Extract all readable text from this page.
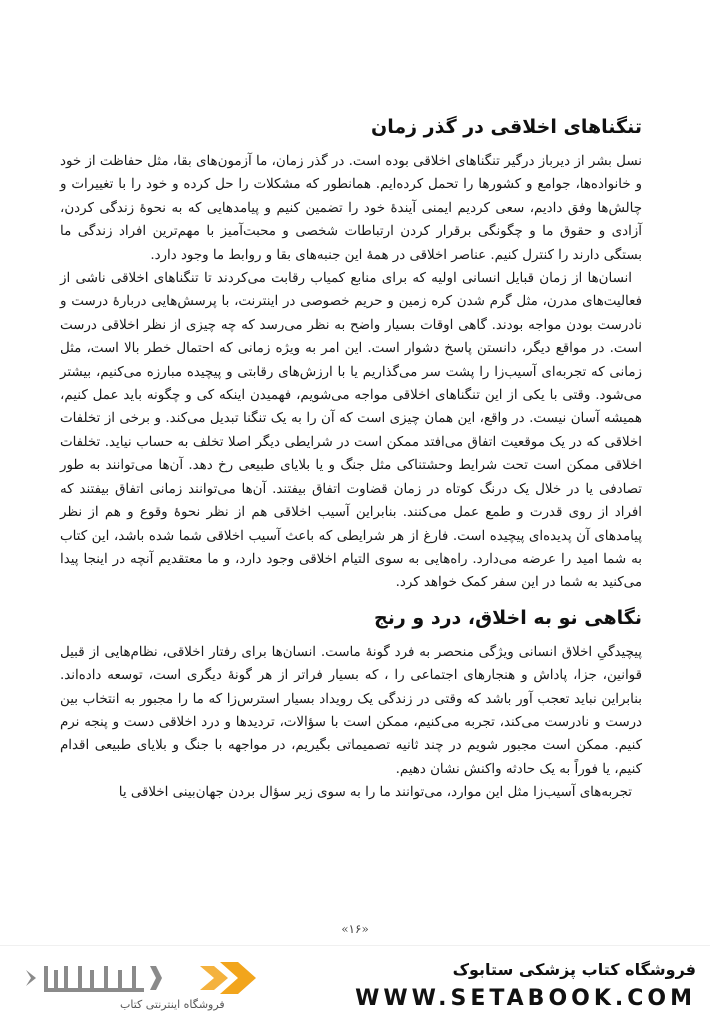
تنگناهای اخلاقی در گذر زمان

نسل بشر از دیرباز درگیر تنگناهای اخلاقی بوده است. در گذر زمان، ما آزمون‌های بقا، مثل حفاظت از خود و خانواده‌ها، جوامع و کشورها را تحمل کرده‌ایم. همانطور که مشکلات را حل کرده و خود را با تغییرات و چالش‌ها وفق دادیم، سعی کردیم ایمنی آیندهٔ خود را تضمین کنیم و پیامدهایی که به نحوهٔ زندگی کردن، آزادی و حقوق ما و چگونگی برقرار کردن ارتباطات شخصی و محبت‌آمیز با مهم‌ترین افراد زندگی ما بستگی دارند را کنترل کنیم. عناصر اخلاقی در همهٔ این جنبه‌های بقا و روابط ما وجود دارد.

انسان‌ها از زمان قبایل انسانی اولیه که برای منابع کمیاب رقابت می‌کردند تا تنگناهای اخلاقی ناشی از فعالیت‌های مدرن، مثل گرم شدن کره زمین و حریم خصوصی در اینترنت، با پرسش‌هایی دربارهٔ درست و نادرست بودن مواجه بودند. گاهی اوقات بسیار واضح به نظر می‌رسد که چه چیزی از نظر اخلاقی درست است. در مواقع دیگر، دانستن پاسخ دشوار است. این امر به ویژه زمانی که احتمال خطر بالا است، مثل زمانی که تجربه‌ای آسیب‌زا را پشت سر می‌گذاریم یا با ارزش‌های رقابتی و پیچیده مبارزه می‌کنیم، بیشتر می‌شود. وقتی با یکی از این تنگناهای اخلاقی مواجه می‌شویم، فهمیدن اینکه کی و چگونه باید عمل کنیم، همیشه آسان نیست. در واقع، این همان چیزی است که آن را به یک تنگنا تبدیل می‌کند. و برخی از تخلفات اخلاقی که در یک موقعیت اتفاق می‌افتد ممکن است در شرایطی دیگر اصلا تخلف به حساب نیاید. تخلفات اخلاقی ممکن است تحت شرایط وحشتناکی مثل جنگ و یا بلایای طبیعی رخ دهد. آن‌ها می‌توانند به طور تصادفی یا در خلال یک درنگ کوتاه در زمان قضاوت اتفاق بیفتند. آن‌ها می‌توانند زمانی اتفاق بیفتند که افراد از روی قدرت و طمع عمل می‌کنند. بنابراین آسیب اخلاقی هم از نظر نحوهٔ وقوع و هم از نظر پیامدهای آن پدیده‌ای پیچیده است. فارغ از هر شرایطی که باعث آسیب اخلاقی شما شده باشد، این کتاب به شما امید را عرضه می‌دارد. راه‌هایی به سوی التیام اخلاقی وجود دارد، و ما معتقدیم آنچه در اینجا پیدا می‌کنید به شما در این سفر کمک خواهد کرد.

نگاهی نو به اخلاق، درد و رنج

پیچیدگیِ اخلاق انسانی ویژگی منحصر به فرد گونهٔ ماست. انسان‌ها برای رفتار اخلاقی، نظام‌هایی از قبیل قوانین، جزا، پاداش و هنجارهای اجتماعی را ، که بسیار فراتر از هر گونهٔ دیگری است، توسعه داده‌اند. بنابراین نباید تعجب آور باشد که وقتی در زندگی یک رویداد بسیار استرس‌زا که ما را مجبور به انتخاب بین درست و نادرست می‌کند، تجربه می‌کنیم، ممکن است با سؤالات، تردیدها و درد اخلاقی دست و پنجه نرم کنیم. ممکن است مجبور شویم در چند ثانیه تصمیماتی بگیریم، در مواجهه با جنگ و بلایای طبیعی اقدام کنیم، یا فوراً به یک حادثه واکنش نشان دهیم.

تجربه‌های آسیب‌زا مثل این موارد، می‌توانند ما را به سوی زیر سؤال بردن جهان‌بینی اخلاقی یا

«۱۶»
فروشگاه اینترنتی کتاب
فروشگاه کتاب پزشکی ستابوک
WWW.SETABOOK.COM
